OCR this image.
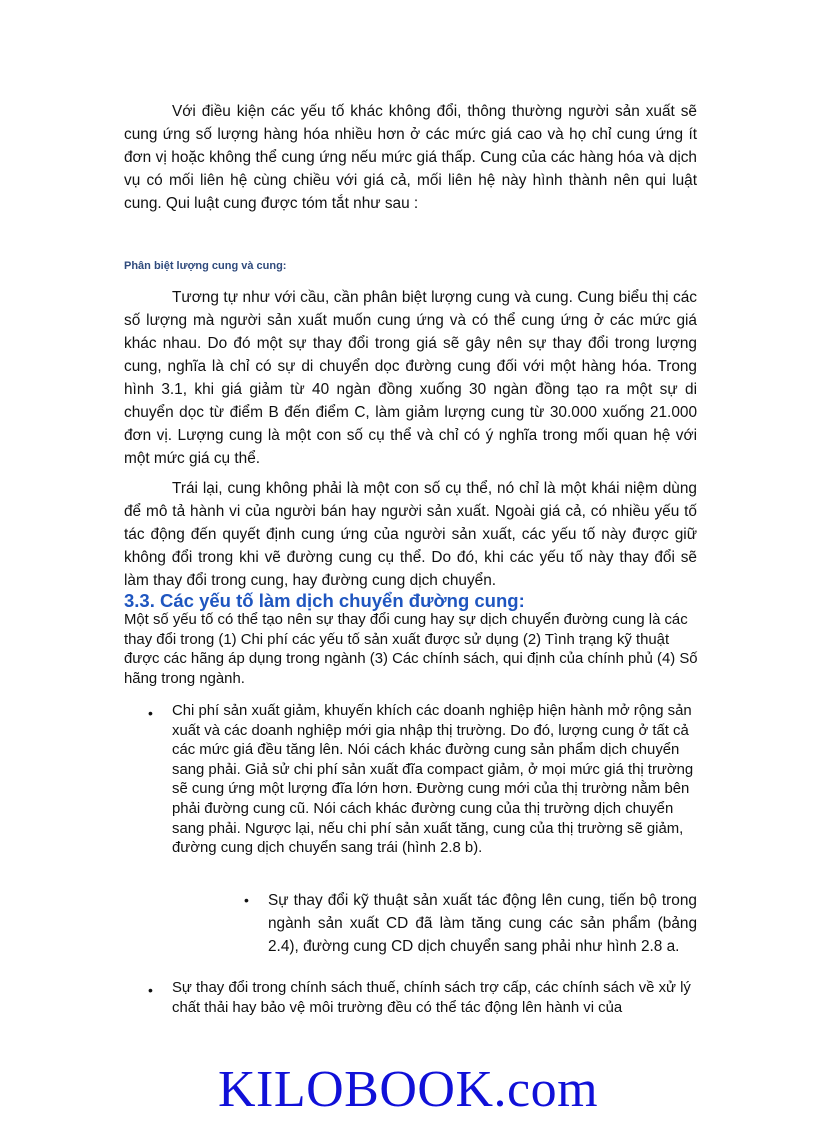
Với điều kiện các yếu tố khác không đổi, thông thường người sản xuất sẽ cung ứng số lượng hàng hóa nhiều hơn ở các mức giá cao và họ chỉ cung ứng ít đơn vị hoặc không thể cung ứng nếu mức giá thấp. Cung của các hàng hóa và dịch vụ có mối liên hệ cùng chiều với giá cả, mối liên hệ này hình thành nên qui luật cung. Qui luật cung được tóm tắt như sau :

Phân biệt lượng cung và cung:

Tương tự như với cầu, cần phân biệt lượng cung và cung. Cung biểu thị các số lượng mà người sản xuất muốn cung ứng và có thể cung ứng ở các mức giá khác nhau. Do đó một sự thay đổi trong giá sẽ gây nên sự thay đổi trong lượng cung, nghĩa là chỉ có sự di chuyển dọc đường cung đối với một hàng hóa. Trong hình 3.1, khi giá giảm từ 40 ngàn đồng xuống 30 ngàn đồng tạo ra một sự di chuyển dọc từ điểm B đến điểm C, làm giảm lượng cung từ 30.000 xuống 21.000 đơn vị. Lượng cung là một con số cụ thể và chỉ có ý nghĩa trong mối quan hệ với một mức giá cụ thể.

Trái lại, cung không phải là một con số cụ thể, nó chỉ là một khái niệm dùng để mô tả hành vi của người bán hay người sản xuất. Ngoài giá cả, có nhiều yếu tố tác động đến quyết định cung ứng của người sản xuất, các yếu tố này được giữ không đổi trong khi vẽ đường cung cụ thể. Do đó, khi các yếu tố này thay đổi sẽ làm thay đổi trong cung, hay đường cung dịch chuyển.

3.3. Các yếu tố làm dịch chuyển đường cung:

Một số yếu tố có thể tạo nên sự thay đổi cung hay sự dịch chuyển đường cung là các thay đổi trong (1) Chi phí các yếu tố sản xuất được sử dụng (2) Tình trạng kỹ thuật được các hãng áp dụng trong ngành (3) Các chính sách, qui định của chính phủ (4) Số hãng trong ngành.

• Chi phí sản xuất giảm, khuyến khích các doanh nghiệp hiện hành mở rộng sản xuất và các doanh nghiệp mới gia nhập thị trường. Do đó, lượng cung ở tất cả các mức giá đều tăng lên. Nói cách khác đường cung sản phẩm dịch chuyển sang phải. Giả sử chi phí sản xuất đĩa compact giảm, ở mọi mức giá thị trường sẽ cung ứng một lượng đĩa lớn hơn. Đường cung mới của thị trường nằm bên phải đường cung cũ. Nói cách khác đường cung của thị trường dịch chuyển sang phải. Ngược lại, nếu chi phí sản xuất tăng, cung của thị trường sẽ giảm, đường cung dịch chuyển sang trái (hình 2.8 b).

• Sự thay đổi kỹ thuật sản xuất tác động lên cung, tiến bộ trong ngành sản xuất CD đã làm tăng cung các sản phẩm (bảng 2.4), đường cung CD dịch chuyển sang phải như hình 2.8 a.

• Sự thay đổi trong chính sách thuế, chính sách trợ cấp, các chính sách về xử lý chất thải hay bảo vệ môi trường đều có thể tác động lên hành vi của

KILOBOOK.com
